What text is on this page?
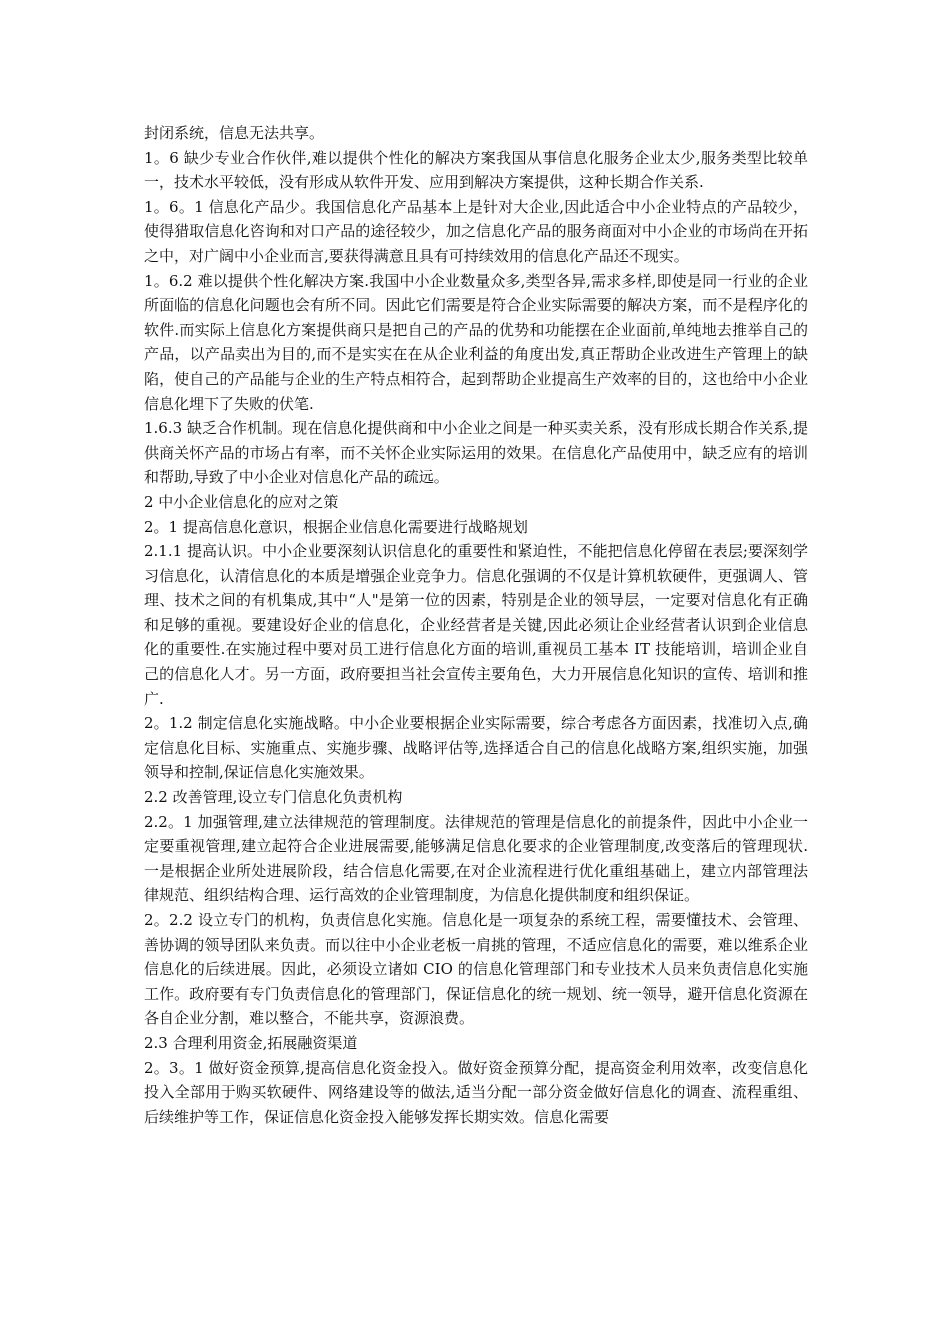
封闭系统，信息无法共享。

1。6 缺少专业合作伙伴,难以提供个性化的解决方案我国从事信息化服务企业太少,服务类型比较单一，技术水平较低，没有形成从软件开发、应用到解决方案提供，这种长期合作关系.

1。6。1 信息化产品少。我国信息化产品基本上是针对大企业,因此适合中小企业特点的产品较少，使得猎取信息化咨询和对口产品的途径较少，加之信息化产品的服务商面对中小企业的市场尚在开拓之中，对广阔中小企业而言,要获得满意且具有可持续效用的信息化产品还不现实。

1。6.2 难以提供个性化解决方案.我国中小企业数量众多,类型各异,需求多样,即使是同一行业的企业所面临的信息化问题也会有所不同。因此它们需要是符合企业实际需要的解决方案，而不是程序化的软件.而实际上信息化方案提供商只是把自己的产品的优势和功能摆在企业面前,单纯地去推举自己的产品，以产品卖出为目的,而不是实实在在从企业利益的角度出发,真正帮助企业改进生产管理上的缺陷，使自己的产品能与企业的生产特点相符合，起到帮助企业提高生产效率的目的，这也给中小企业信息化埋下了失败的伏笔.

1.6.3 缺乏合作机制。现在信息化提供商和中小企业之间是一种买卖关系，没有形成长期合作关系,提供商关怀产品的市场占有率，而不关怀企业实际运用的效果。在信息化产品使用中，缺乏应有的培训和帮助,导致了中小企业对信息化产品的疏远。

2 中小企业信息化的应对之策

2。1 提高信息化意识，根据企业信息化需要进行战略规划

2.1.1 提高认识。中小企业要深刻认识信息化的重要性和紧迫性，不能把信息化停留在表层;要深刻学习信息化，认清信息化的本质是增强企业竞争力。信息化强调的不仅是计算机软硬件，更强调人、管理、技术之间的有机集成,其中“人"是第一位的因素，特别是企业的领导层，一定要对信息化有正确和足够的重视。要建设好企业的信息化，企业经营者是关键,因此必须让企业经营者认识到企业信息化的重要性.在实施过程中要对员工进行信息化方面的培训,重视员工基本 IT 技能培训，培训企业自己的信息化人才。另一方面，政府要担当社会宣传主要角色，大力开展信息化知识的宣传、培训和推广.

2。1.2 制定信息化实施战略。中小企业要根据企业实际需要，综合考虑各方面因素，找准切入点,确定信息化目标、实施重点、实施步骤、战略评估等,选择适合自己的信息化战略方案,组织实施，加强领导和控制,保证信息化实施效果。

2.2 改善管理,设立专门信息化负责机构

2.2。1 加强管理,建立法律规范的管理制度。法律规范的管理是信息化的前提条件，因此中小企业一定要重视管理,建立起符合企业进展需要,能够满足信息化要求的企业管理制度,改变落后的管理现状.一是根据企业所处进展阶段，结合信息化需要,在对企业流程进行优化重组基础上，建立内部管理法律规范、组织结构合理、运行高效的企业管理制度，为信息化提供制度和组织保证。

2。2.2 设立专门的机构，负责信息化实施。信息化是一项复杂的系统工程，需要懂技术、会管理、善协调的领导团队来负责。而以往中小企业老板一肩挑的管理，不适应信息化的需要，难以维系企业信息化的后续进展。因此，必须设立诸如 CIO 的信息化管理部门和专业技术人员来负责信息化实施工作。政府要有专门负责信息化的管理部门，保证信息化的统一规划、统一领导，避开信息化资源在各自企业分割，难以整合，不能共享，资源浪费。

2.3 合理利用资金,拓展融资渠道

2。3。1 做好资金预算,提高信息化资金投入。做好资金预算分配，提高资金利用效率，改变信息化投入全部用于购买软硬件、网络建设等的做法,适当分配一部分资金做好信息化的调查、流程重组、后续维护等工作，保证信息化资金投入能够发挥长期实效。信息化需要
